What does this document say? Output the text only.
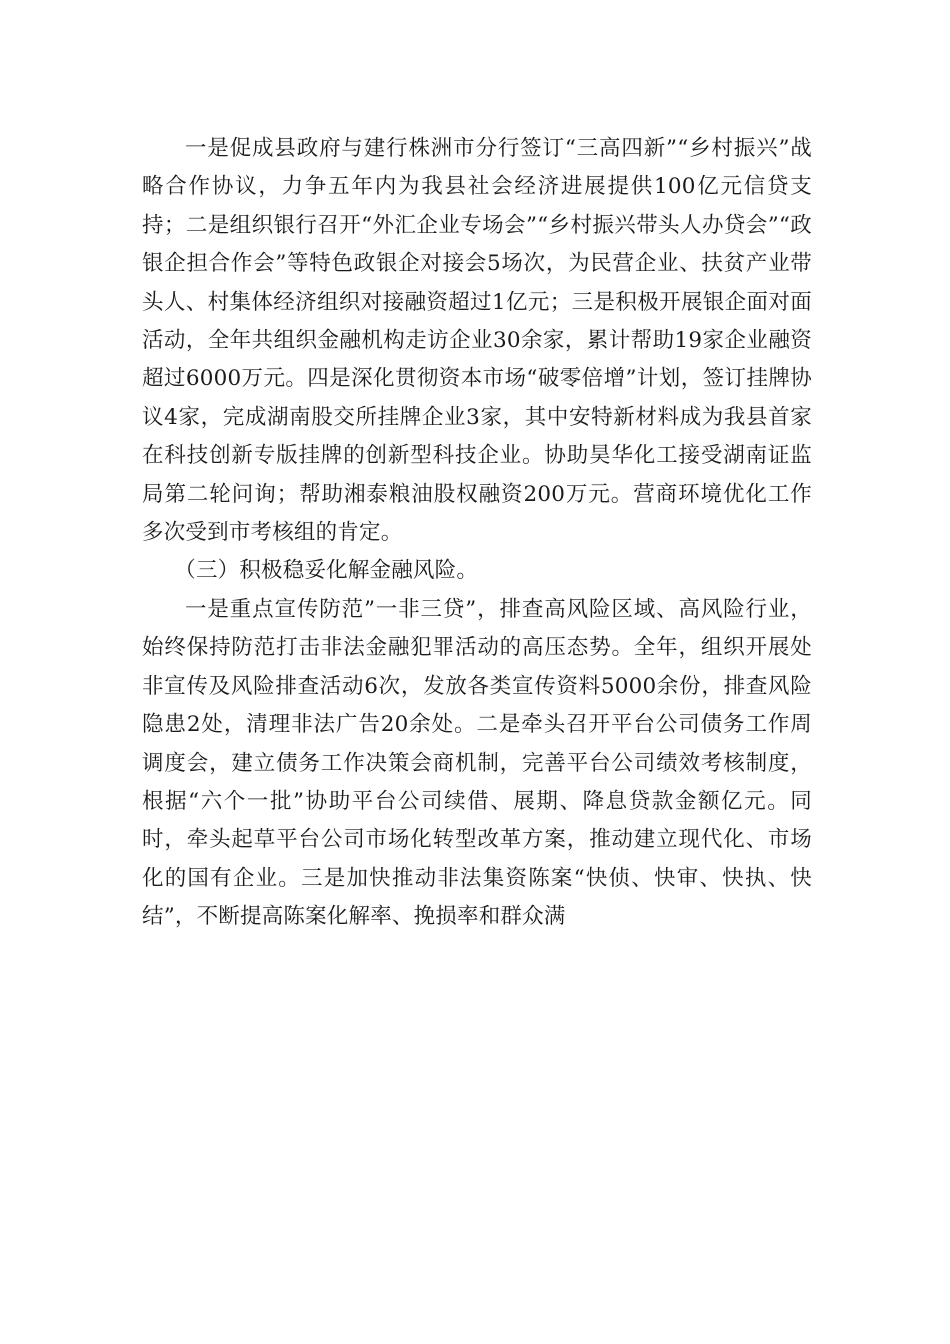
一是促成县政府与建行株洲市分行签订“三高四新”“乡村振兴”战略合作协议，力争五年内为我县社会经济进展提供100亿元信贷支持；二是组织银行召开“外汇企业专场会”“乡村振兴带头人办贷会”“政银企担合作会”等特色政银企对接会5场次，为民营企业、扶贫产业带头人、村集体经济组织对接融资超过1亿元；三是积极开展银企面对面活动，全年共组织金融机构走访企业30余家，累计帮助19家企业融资超过6000万元。四是深化贯彻资本市场“破零倍增”计划，签订挂牌协议4家，完成湖南股交所挂牌企业3家，其中安特新材料成为我县首家在科技创新专版挂牌的创新型科技企业。协助昊华化工接受湖南证监局第二轮问询；帮助湘泰粮油股权融资200万元。营商环境优化工作多次受到市考核组的肯定。

（三）积极稳妥化解金融风险。

一是重点宣传防范”一非三贷”，排查高风险区域、高风险行业，始终保持防范打击非法金融犯罪活动的高压态势。全年，组织开展处非宣传及风险排查活动6次，发放各类宣传资料5000余份，排查风险隐患2处，清理非法广告20余处。二是牵头召开平台公司债务工作周调度会，建立债务工作决策会商机制，完善平台公司绩效考核制度，根据“六个一批”协助平台公司续借、展期、降息贷款金额亿元。同时，牵头起草平台公司市场化转型改革方案，推动建立现代化、市场化的国有企业。三是加快推动非法集资陈案“快侦、快审、快执、快结”，不断提高陈案化解率、挽损率和群众满
